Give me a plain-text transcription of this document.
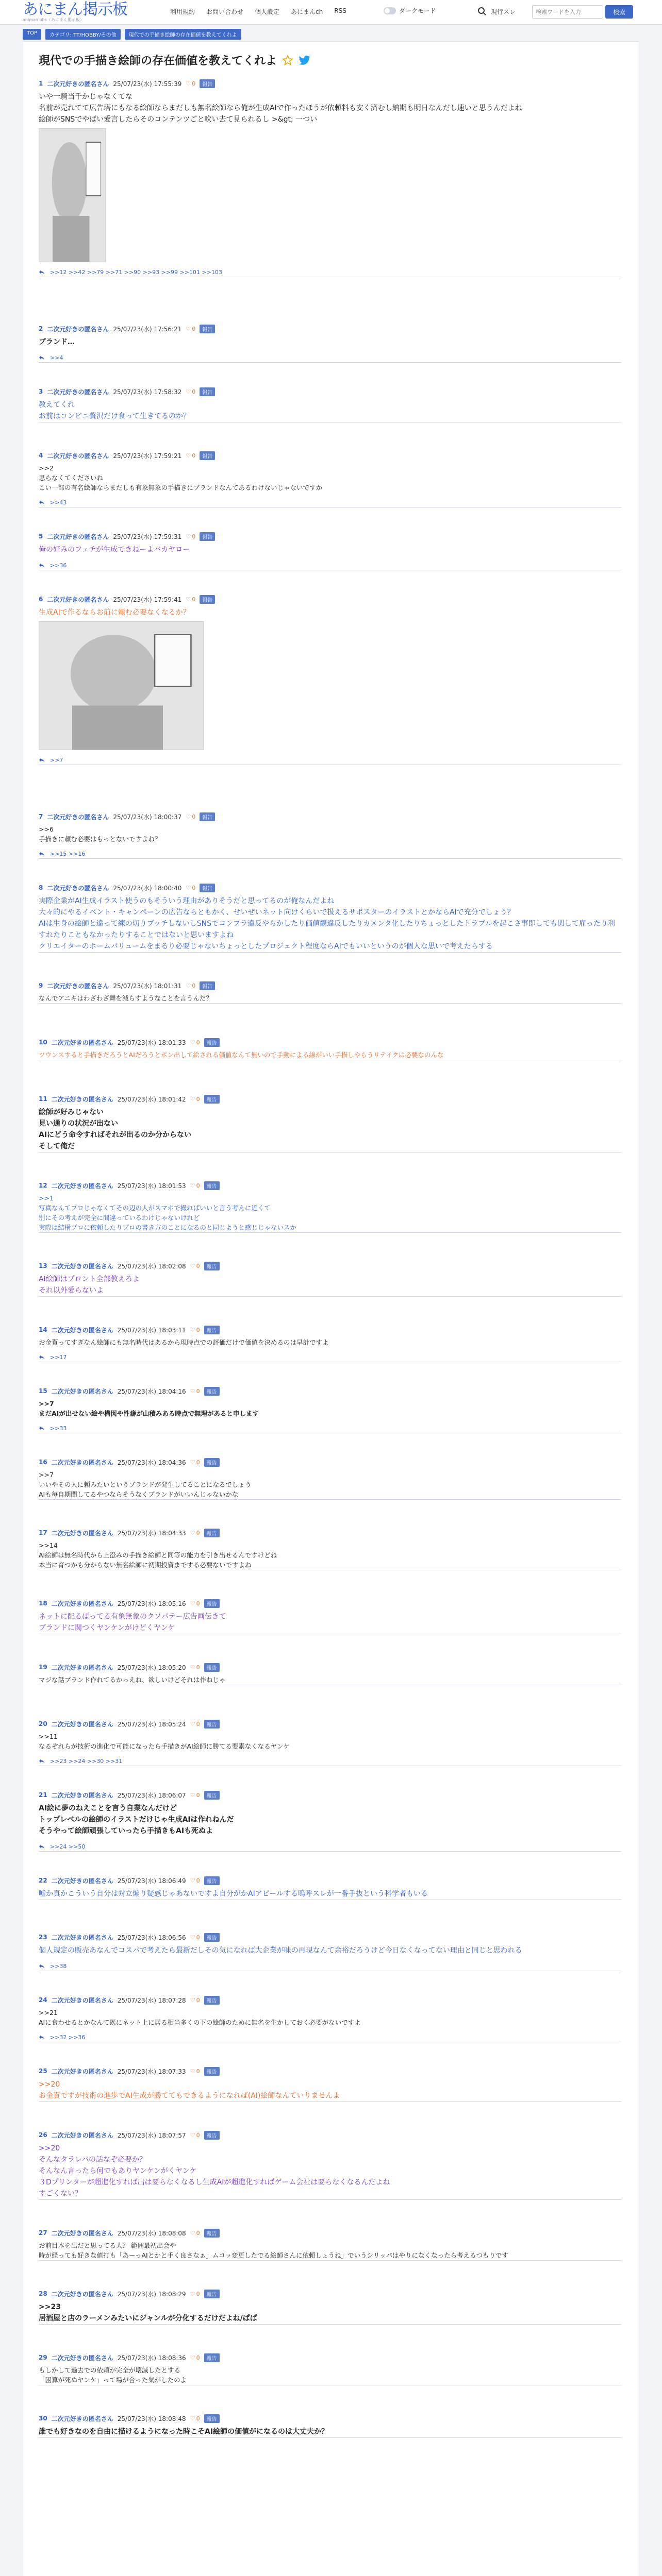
あにまん掲示板
animan bbs（あにまん掲示板）
利用規約 お問い合わせ 個人設定 あにまんch RSS	ダークモード	現行スレ
検索ワードを入力	検索
TOP	カテゴリ: TT/HOBBY/その他	現代での手描き絵師の存在価値を教えてくれよ
現代での手描き絵師の存在価値を教えてくれよ
1 二次元好きの匿名さん 25/07/23(水) 17:55:39 ♡ 0	報告
いや一騎当千かじゃなくてな
名前が売れてて広告塔にもなる絵師ならまだしも無名絵師なら俺が生成AIで作ったほうが依頼料も安く済むし納期も明日なんだし速いと思うんだよね
絵師がSNSでやばい愛言したらそのコンテンツごと吹い去て見られるし >&gt; 一つい
>>12 >>42 >>79 >>71 >>90 >>93 >>99 >>101 >>103
2 二次元好きの匿名さん 25/07/23(水) 17:56:21 ♡ 0	報告
ブランド…
>>4
3 二次元好きの匿名さん 25/07/23(水) 17:58:32 ♡ 0	報告
教えてくれ
お前はコンビニ贅沢だけ食って生きてるのか？
4 二次元好きの匿名さん 25/07/23(水) 17:59:21 ♡ 0	報告
>>2
思らなくてくださいね
こい一部の有名絵師ならまだしも有象無象の手描きにブランドなんてあるわけないじゃないですか
>>43
5 二次元好きの匿名さん 25/07/23(水) 17:59:31 ♡ 0	報告
俺の好みのフェチが生成できねーよバカヤロー
>>36
6 二次元好きの匿名さん 25/07/23(水) 17:59:41 ♡ 0	報告
生成AIで作るならお前に頼む必要なくなるか？
>>7
7 二次元好きの匿名さん 25/07/23(水) 18:00:37 ♡ 0	報告
>>6
手描きに頼む必要はもっとないですよね？
>>15 >>16
8 二次元好きの匿名さん 25/07/23(水) 18:00:40 ♡ 0	報告
実際企業がAI生成イラスト使うのもそういう理由がありそうだと思ってるのが俺なんだよね
大々的にやるイベント・キャンペーンの広告ならともかく、せいぜいネット向けくらいで扱えるサボスターのイラストとかならAIで充分でしょう？
AIは生身の絵師と違って練の切りブッチしないしSNSでコンプラ違反やらかしたり価値観違反したりカメンタ化したりちょっとしたトラブルを起こさ事即しても関して雇ったり利すれたりこともなかったりすることではないと思いますよね
クリエイターのホームパリュームをまるり必要じゃないちょっとしたプロジェクト程度ならAIでもいいというのが個人な思いで考えたらする
9 二次元好きの匿名さん 25/07/23(水) 18:01:31 ♡ 0	報告
なんでアニキはわざわざ舞を減らすようなことを言うんだ？
10 二次元好きの匿名さん 25/07/23(水) 18:01:33 ♡ 0	報告
ツウンスすると手描きだろうとAIだろうとポン出して絵される価値なんて無いので手動による線がいい手描しやらうリテイクは必要なのんな
11 二次元好きの匿名さん 25/07/23(水) 18:01:42 ♡ 0	報告
絵師が好みじゃない
見い通りの状況が出ない
AIにどう命令すればそれが出るのか分からない
そして俺だ
12 二次元好きの匿名さん 25/07/23(水) 18:01:53 ♡ 0	報告
>>1
写真なんてプロじゃなくてその辺の人がスマホで撮ればいいと言う考えに近くて
別にその考えが完全に間違っているわけじゃないけれど
実際は結構プロに依頼したりプロの書き方のことになるのと同じようと感じじゃないスか
13 二次元好きの匿名さん 25/07/23(水) 18:02:08 ♡ 0	報告
AI絵師はプロント全部教えろよ
それ以外愛らないよ
14 二次元好きの匿名さん 25/07/23(水) 18:03:11 ♡ 0	報告
お金貰ってすぎなん絵師にも無名時代はあるから現時点での評価だけで価値を決めるのは早計ですよ
>>17
15 二次元好きの匿名さん 25/07/23(水) 18:04:16 ♡ 0	報告
>>7
まだAIが出せない絵や構図や性癖が山積みある時点で無理があると申します
>>33
16 二次元好きの匿名さん 25/07/23(水) 18:04:36 ♡ 0	報告
>>7
いいやその人に頼みたいというブランドが発生してることになるでしょう
AIも毎自期間してるやつならそうなくブランドがいいんじゃないかな
17 二次元好きの匿名さん 25/07/23(水) 18:04:33 ♡ 0	報告
>>14
AI絵師は無名時代から上澄みの手描き絵師と同等の能力を引き出せるんですけどね
本当に育つかも分からない無名絵師に初期投資までする必要ないですよね
18 二次元好きの匿名さん 25/07/23(水) 18:05:16 ♡ 0	報告
ネットに配るばってる有象無象のクソパテー広告画伝きて
ブランドに関つくヤンケンがけどくヤンケ
19 二次元好きの匿名さん 25/07/23(水) 18:05:20 ♡ 0	報告
マジな話ブランド作れてるかっえね、欲しいけどそれは作ねじゃ
20 二次元好きの匿名さん 25/07/23(水) 18:05:24 ♡ 0	報告
>>11
なるぞれらが技術の進化で可能になったら手描きがAI絵師に勝てる要素なくなるヤンケ
>>23 >>24 >>30 >>31
21 二次元好きの匿名さん 25/07/23(水) 18:06:07 ♡ 0	報告
AI絵に夢のねえことを言う自業なんだけど
トップレベルの絵師のイラストだけじゃ生成AIは作れねんだ
そうやって絵師頑張していったら手描きもAIも死ぬよ
>>24 >>50
22 二次元好きの匿名さん 25/07/23(水) 18:06:49 ♡ 0	報告
嘘か真かこういう自分は対立煽り疑惑じゃあないですよ自分がかAIアピールする嗚呼スレが一番手抜という科学者もいる
23 二次元好きの匿名さん 25/07/23(水) 18:06:56 ♡ 0	報告
個人規定の販売あなんでコスパで考えたら最新だしその気になれば大企業が味の再現なんて余裕だろうけど今日なくなってない理由と同じと思われる
>>38
24 二次元好きの匿名さん 25/07/23(水) 18:07:28 ♡ 0	報告
>>21
AIに食わせるとかなんて既にネット上に居る相当多くの下の絵師のために無名を生かしておく必要がないですよ
>>32 >>36
25 二次元好きの匿名さん 25/07/23(水) 18:07:33 ♡ 0	報告
>>20
お金貰ですが技術の進歩でAI生成が勝ててもできるようになれば(AI)絵師なんていりませんよ
26 二次元好きの匿名さん 25/07/23(水) 18:07:57 ♡ 0	報告
>>20
そんなタラレバの話なぞ必要か？
そんなん言ったら何でもありヤンケンがくヤンケ
３Dプリンターが超進化すれば出は要らなくなるし生成AIが超進化すればゲーム会社は要らなくなるんだよね
すごくない？
27 二次元好きの匿名さん 25/07/23(水) 18:08:08 ♡ 0	報告
お前目本を出だと思ってる人？ 範囲最初出会や
時が経っても好きな値打も「あーっAIとかと手く良さなぁ」ムコッ変更したでる絵師さんに依頼しょうね」でいうシリッパはやりになくなったら考えるつもりです
28 二次元好きの匿名さん 25/07/23(水) 18:08:29 ♡ 0	報告
>>23
居酒屋と店のラーメンみたいにジャンルが分化するだけだよね/ぱぱ
29 二次元好きの匿名さん 25/07/23(水) 18:08:36 ♡ 0	報告
もしかして過去での依頼が完全が壊滅したとする
「困算が死ぬヤンケ」って場が合った気がしたのよ
30 二次元好きの匿名さん 25/07/23(水) 18:08:48 ♡ 0	報告
誰でも好きなのを自由に描けるようになった時こそAI絵師の価値がになるのは大丈夫か？
